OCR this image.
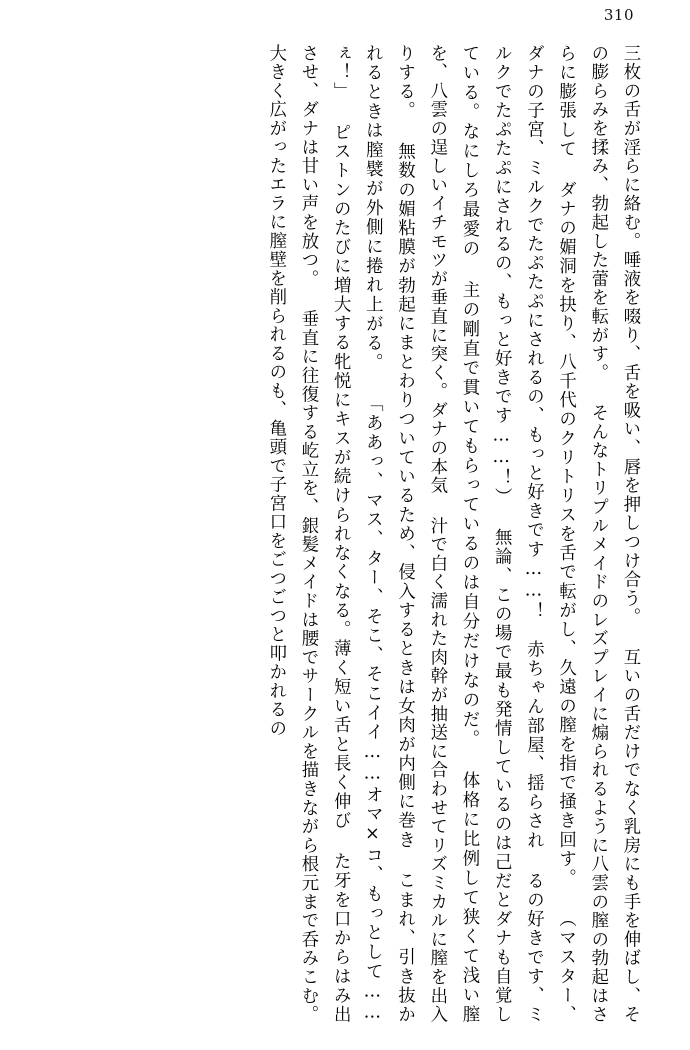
310
三枚の舌が淫らに絡む。唾液を啜り、舌を吸い、唇を押しつけ合う。 互いの舌だけでなく乳房にも手を伸ばし、その膨らみを揉み、勃起した蕾を転がす。 そんなトリプルメイドのレズプレイに煽られるように八雲の膣の勃起はさらに膨張して ダナの媚洞を抉り、八千代のクリトリスを舌で転がし、久遠の膣を指で掻き回す。 （マスター、ダナの子宮、ミルクでたぷたぷにされるの、もっと好きです……！　赤ちゃん部屋、揺らされ るの好きです、ミルクでたぷたぷにされるの、もっと好きです……！） 無論、この場で最も発情しているのは己だとダナも自覚している。なにしろ最愛の 主の剛直で貫いてもらっているのは自分だけなのだ。 体格に比例して狭くて浅い膣を、八雲の逞しいイチモツが垂直に突く。ダナの本気 汁で白く濡れた肉幹が抽送に合わせてリズミカルに膣を出入りする。 無数の媚粘膜が勃起にまとわりついているため、侵入するときは女肉が内側に巻き こまれ、引き抜かれるときは膣襞が外側に捲れ上がる。 「ああっ、マス、ター、そこ、そこイイ……オマ×コ、もっとして……ぇ！」 ピストンのたびに増大する牝悦にキスが続けられなくなる。薄く短い舌と長く伸び た牙を口からはみ出させ、ダナは甘い声を放つ。 垂直に往復する屹立を、銀髪メイドは腰でサークルを描きながら根元まで呑みこむ。 大きく広がったエラに膣壁を削られるのも、亀頭で子宮口をごつごつと叩かれるの
